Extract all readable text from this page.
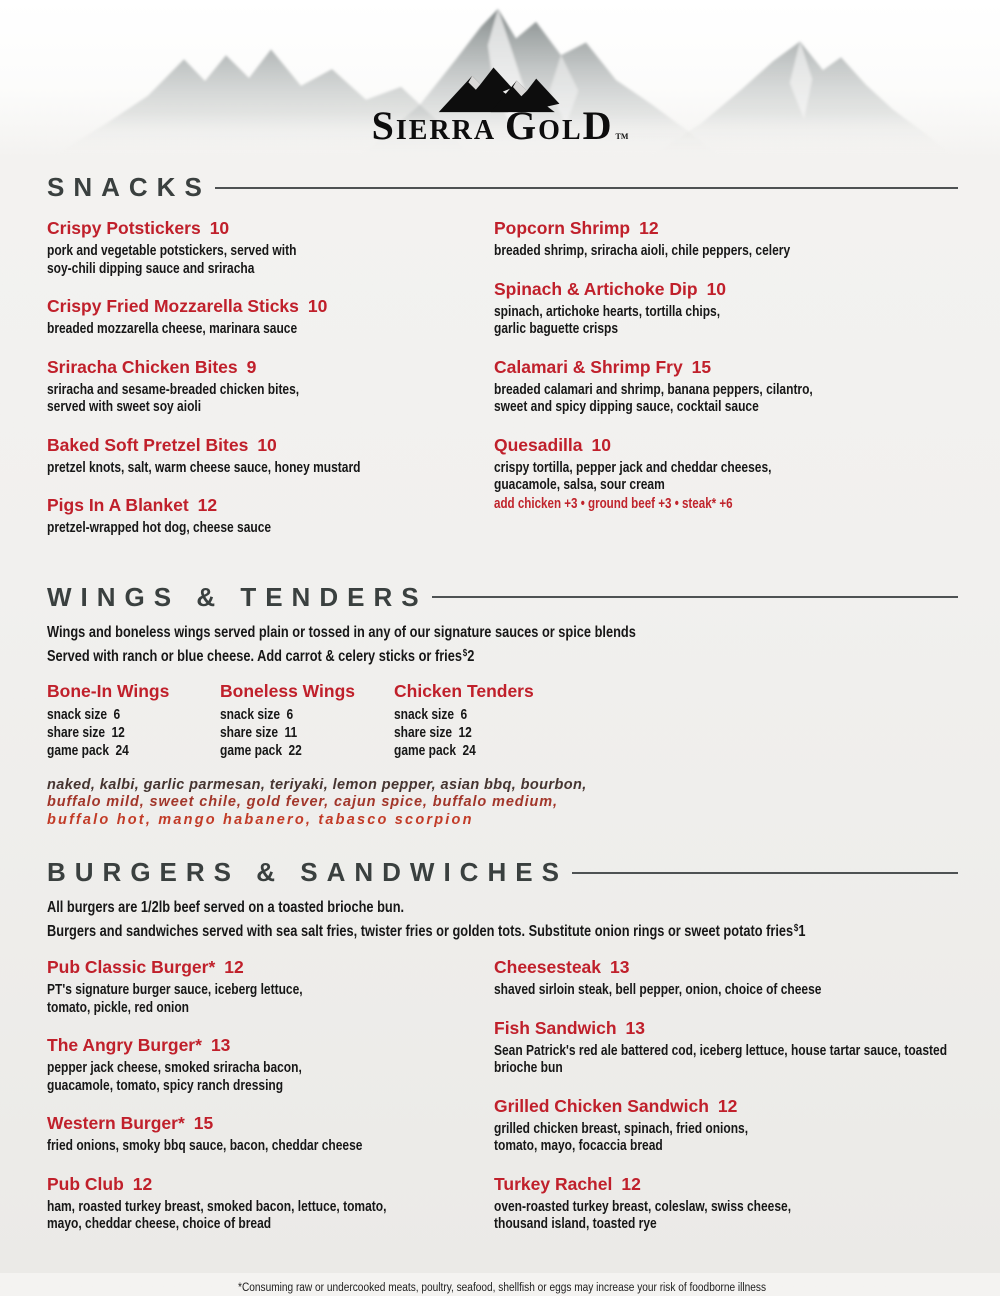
SIERRA GOLD TM
SNACKS
Crispy Potstickers 10
pork and vegetable potstickers, served with
soy-chili dipping sauce and sriracha
Crispy Fried Mozzarella Sticks 10
breaded mozzarella cheese, marinara sauce
Sriracha Chicken Bites 9
sriracha and sesame-breaded chicken bites,
served with sweet soy aioli
Baked Soft Pretzel Bites 10
pretzel knots, salt, warm cheese sauce, honey mustard
Pigs In A Blanket 12
pretzel-wrapped hot dog, cheese sauce
Popcorn Shrimp 12
breaded shrimp, sriracha aioli, chile peppers, celery
Spinach & Artichoke Dip 10
spinach, artichoke hearts, tortilla chips,
garlic baguette crisps
Calamari & Shrimp Fry 15
breaded calamari and shrimp, banana peppers, cilantro,
sweet and spicy dipping sauce, cocktail sauce
Quesadilla 10
crispy tortilla, pepper jack and cheddar cheeses,
guacamole, salsa, sour cream
add chicken +3 • ground beef +3 • steak* +6
WINGS & TENDERS
Wings and boneless wings served plain or tossed in any of our signature sauces or spice blends
Served with ranch or blue cheese. Add carrot & celery sticks or fries$2
Bone-In Wings
snack size 6
share size 12
game pack 24
Boneless Wings
snack size 6
share size 11
game pack 22
Chicken Tenders
snack size 6
share size 12
game pack 24
naked, kalbi, garlic parmesan, teriyaki, lemon pepper, asian bbq, bourbon,
buffalo mild, sweet chile, gold fever, cajun spice, buffalo medium,
buffalo hot, mango habanero, tabasco scorpion
BURGERS & SANDWICHES
All burgers are 1/2lb beef served on a toasted brioche bun.
Burgers and sandwiches served with sea salt fries, twister fries or golden tots. Substitute onion rings or sweet potato fries$1
Pub Classic Burger* 12
PT's signature burger sauce, iceberg lettuce,
tomato, pickle, red onion
The Angry Burger* 13
pepper jack cheese, smoked sriracha bacon,
guacamole, tomato, spicy ranch dressing
Western Burger* 15
fried onions, smoky bbq sauce, bacon, cheddar cheese
Pub Club 12
ham, roasted turkey breast, smoked bacon, lettuce, tomato,
mayo, cheddar cheese, choice of bread
Cheesesteak 13
shaved sirloin steak, bell pepper, onion, choice of cheese
Fish Sandwich 13
Sean Patrick's red ale battered cod, iceberg lettuce, house tartar sauce, toasted
brioche bun
Grilled Chicken Sandwich 12
grilled chicken breast, spinach, fried onions,
tomato, mayo, focaccia bread
Turkey Rachel 12
oven-roasted turkey breast, coleslaw, swiss cheese,
thousand island, toasted rye
*Consuming raw or undercooked meats, poultry, seafood, shellfish or eggs may increase your risk of foodborne illness
